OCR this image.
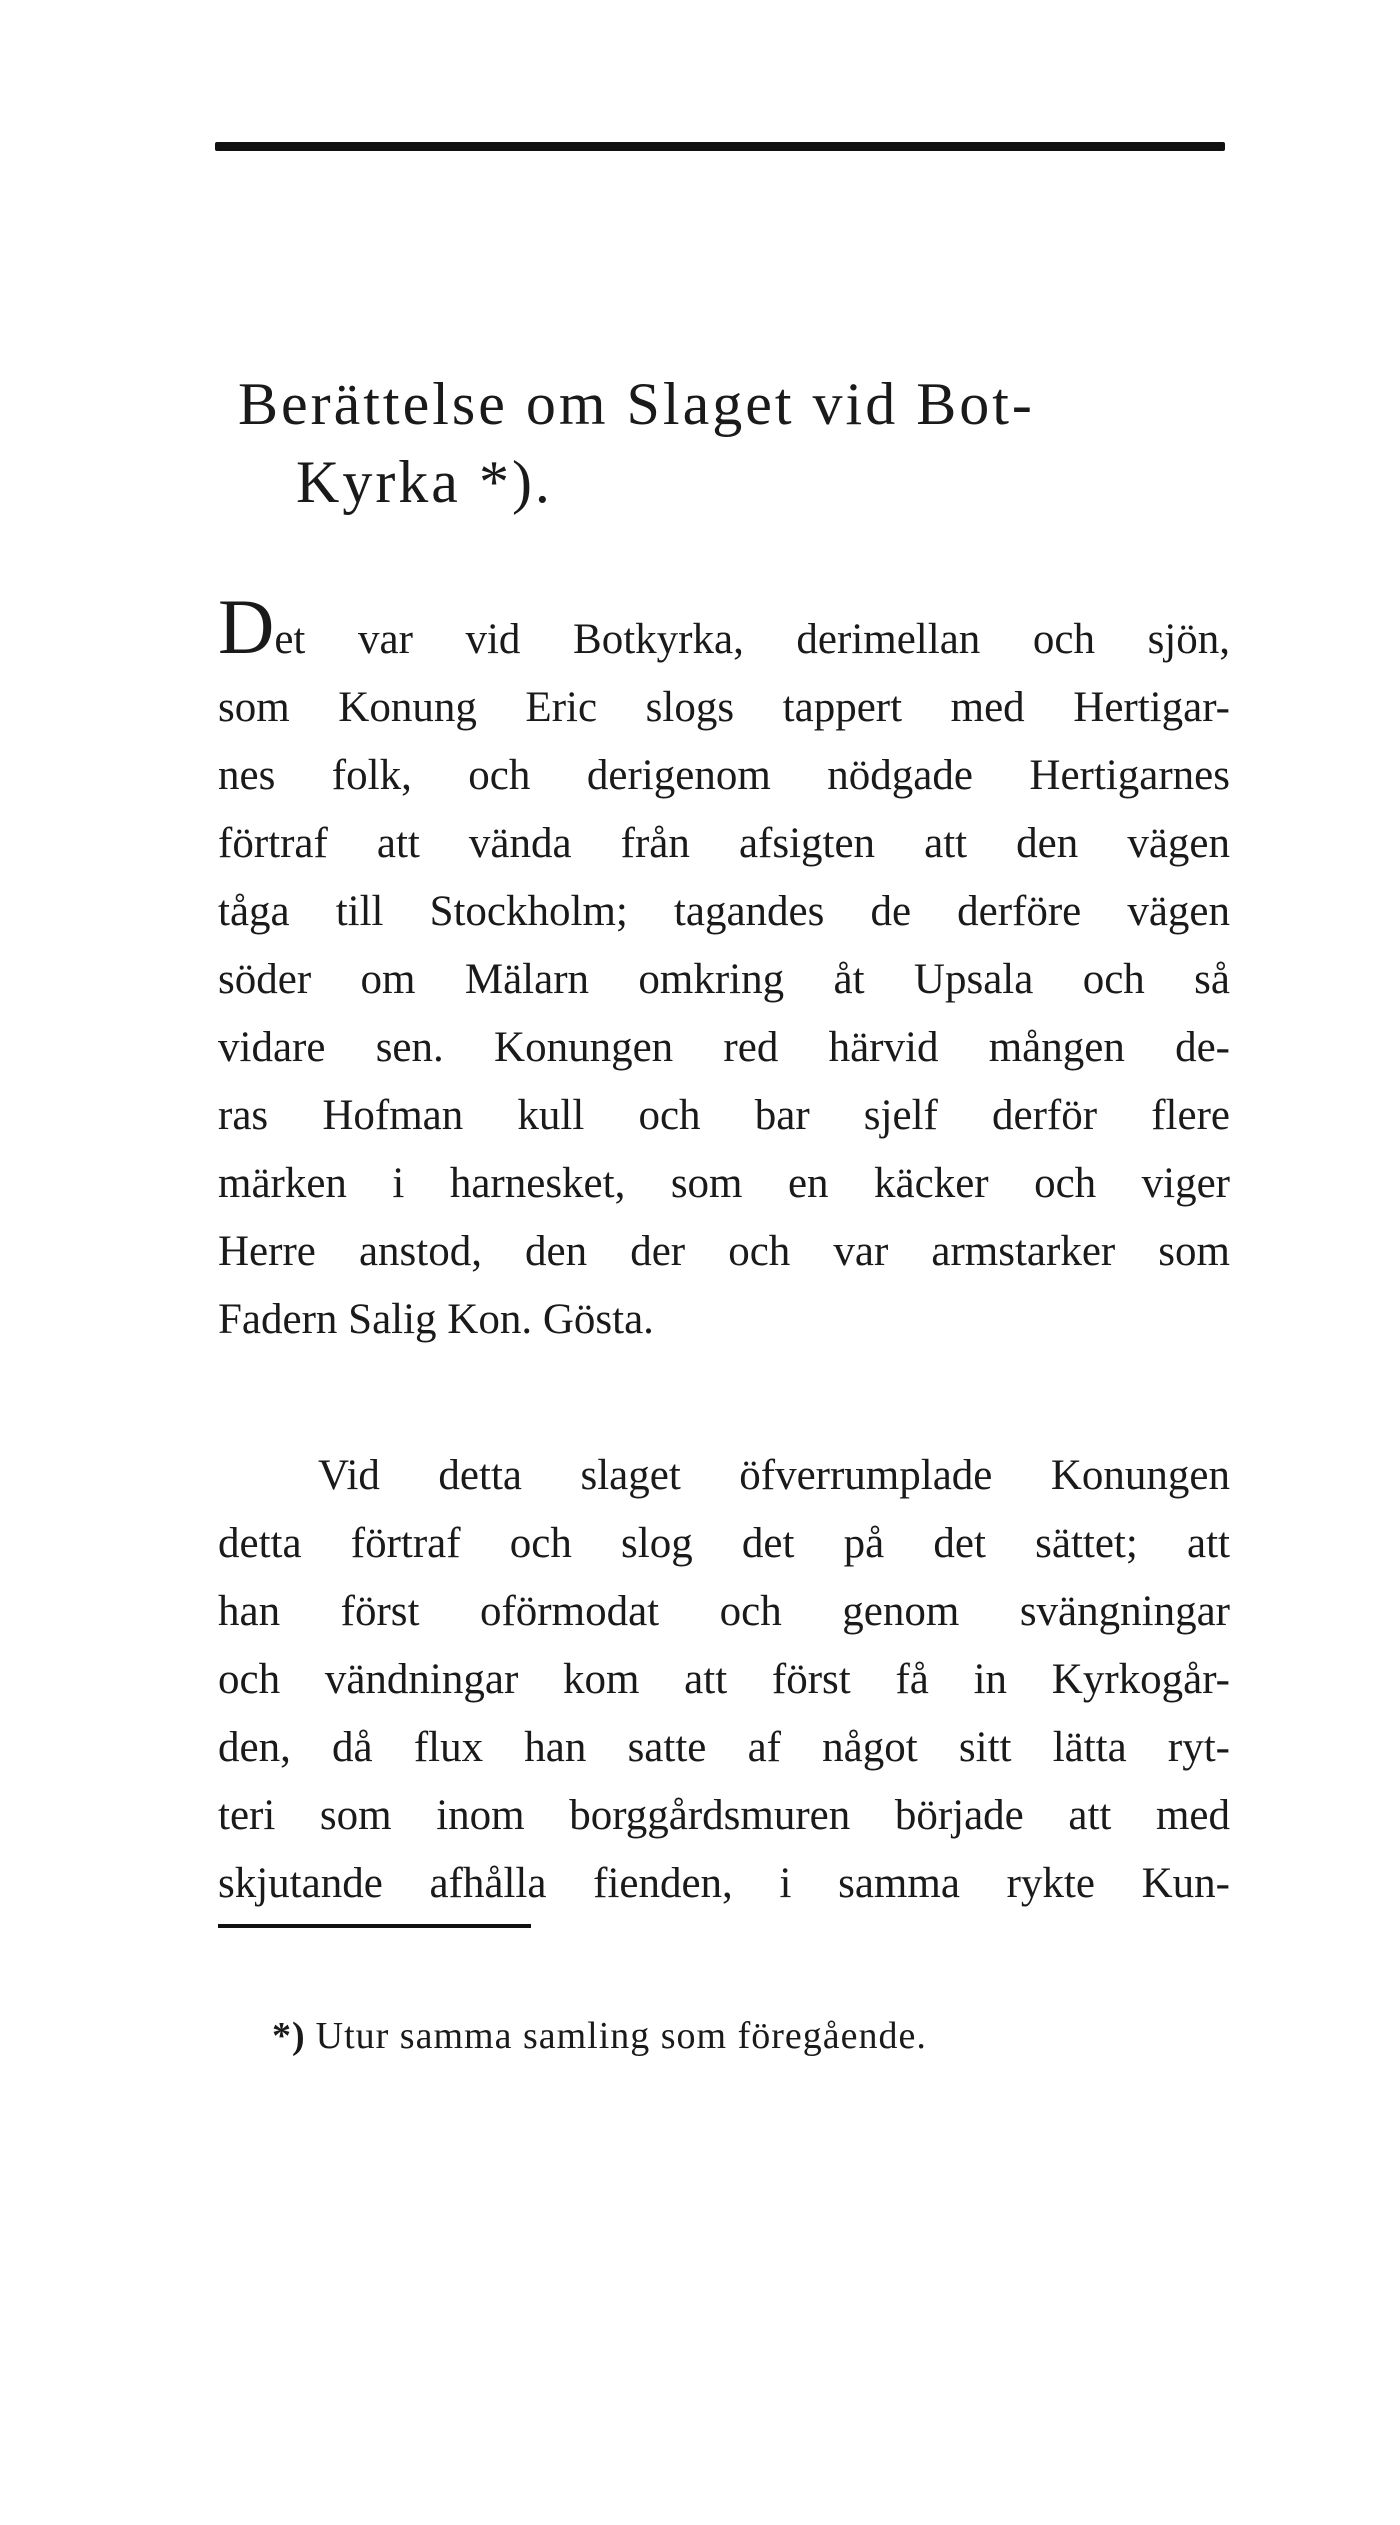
Berättelse om Slaget vid Bot-
Kyrka *).
Det var vid Botkyrka, derimellan och sjön,
som Konung Eric slogs tappert med Hertigar-
nes folk, och derigenom nödgade Hertigarnes
förtraf att vända från afsigten att den vägen
tåga till Stockholm; tagandes de derföre vägen
söder om Mälarn omkring åt Upsala och så
vidare sen. Konungen red härvid mången de-
ras Hofman kull och bar sjelf derför flere
märken i harnesket, som en käcker och viger
Herre anstod, den der och var armstarker som
Fadern Salig Kon. Gösta.
Vid detta slaget öfverrumplade Konungen
detta förtraf och slog det på det sättet; att
han först oförmodat och genom svängningar
och vändningar kom att först få in Kyrkogår-
den, då flux han satte af något sitt lätta ryt-
teri som inom borggårdsmuren började att med
skjutande afhålla fienden, i samma rykte Kun-

*) Utur samma samling som föregående.
